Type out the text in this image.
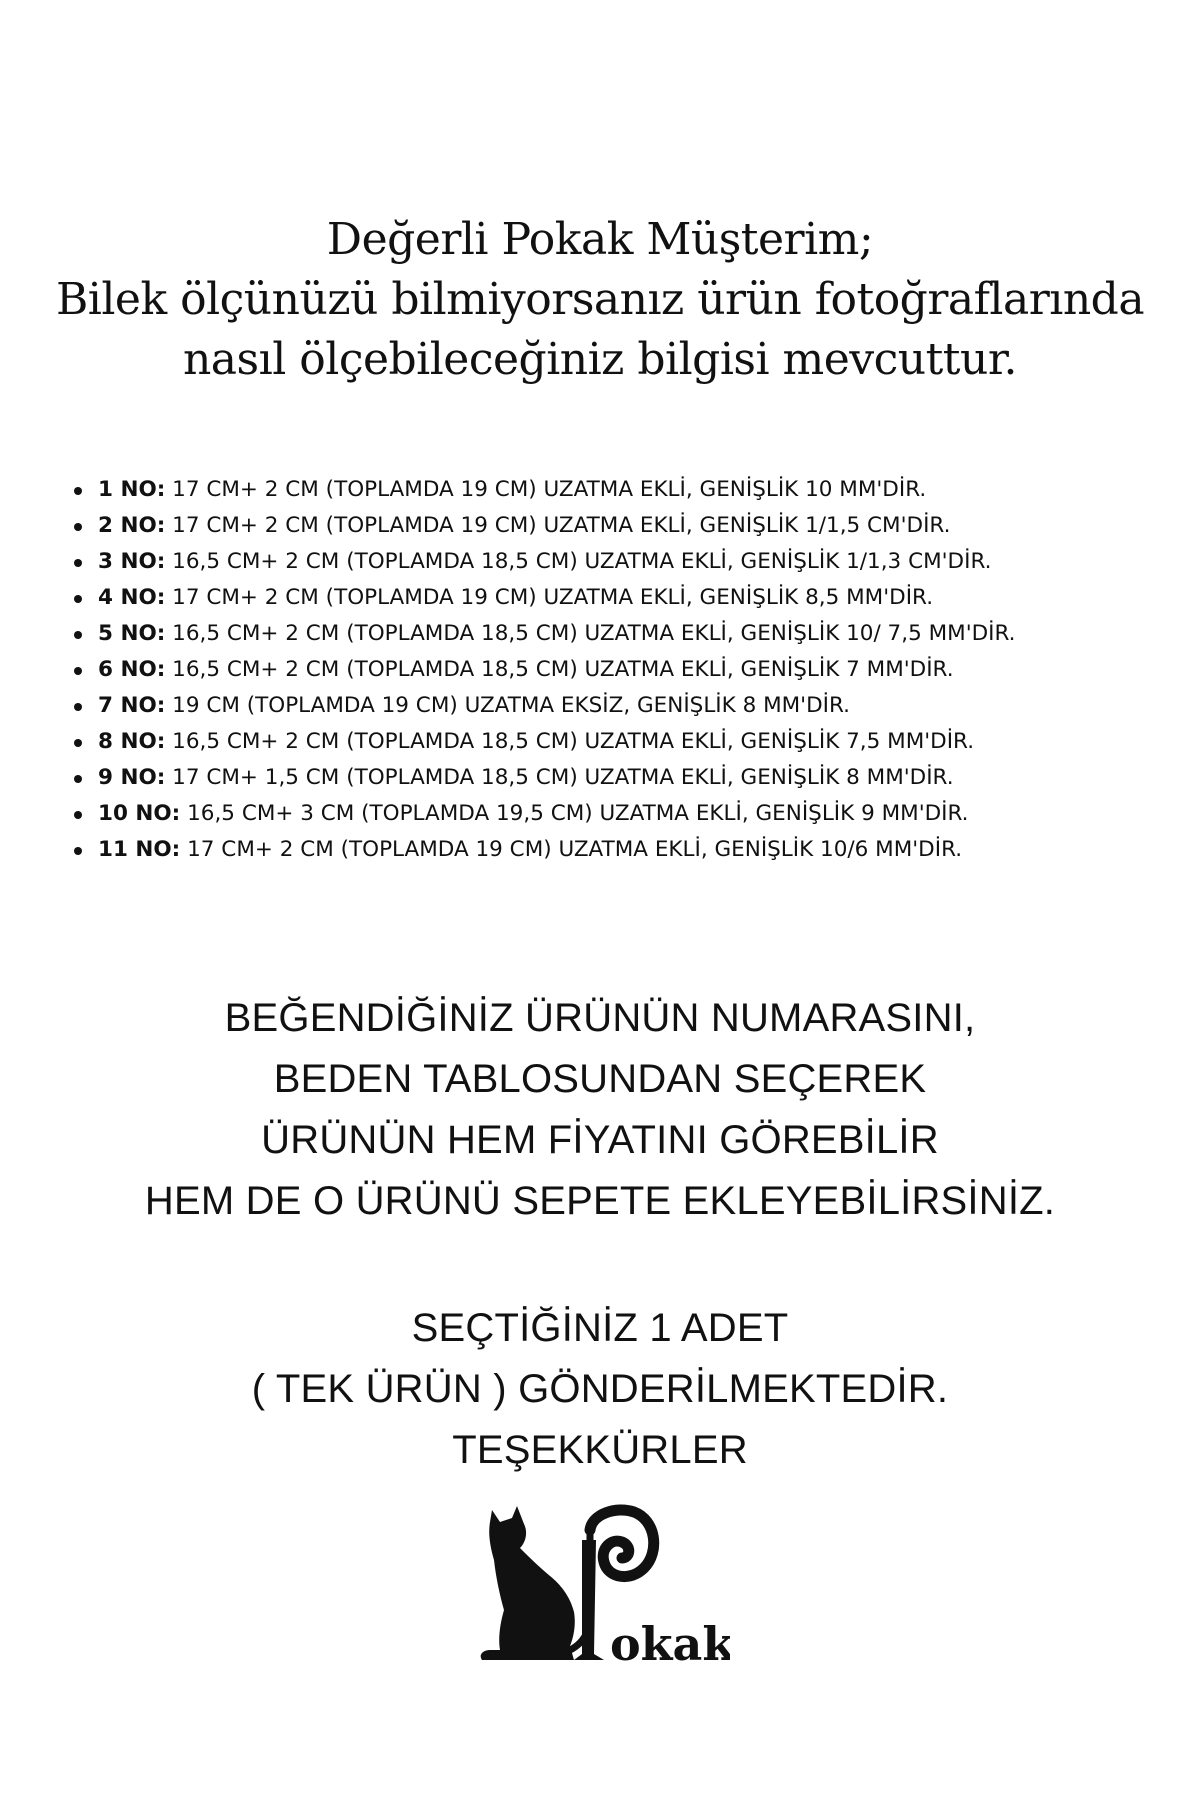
Değerli Pokak Müşterim;
Bilek ölçünüzü bilmiyorsanız ürün fotoğraflarında
nasıl ölçebileceğiniz bilgisi mevcuttur.
1 NO: 17 CM+ 2 CM (TOPLAMDA 19 CM) UZATMA EKLİ, GENİŞLİK 10 MM'DİR.
2 NO: 17 CM+ 2 CM (TOPLAMDA 19 CM) UZATMA EKLİ, GENİŞLİK 1/1,5 CM'DİR.
3 NO: 16,5 CM+ 2 CM (TOPLAMDA 18,5 CM) UZATMA EKLİ, GENİŞLİK 1/1,3 CM'DİR.
4 NO: 17 CM+ 2 CM (TOPLAMDA 19 CM) UZATMA EKLİ, GENİŞLİK 8,5 MM'DİR.
5 NO: 16,5 CM+ 2 CM (TOPLAMDA 18,5 CM) UZATMA EKLİ, GENİŞLİK 10/ 7,5 MM'DİR.
6 NO: 16,5 CM+ 2 CM (TOPLAMDA 18,5 CM) UZATMA EKLİ, GENİŞLİK 7 MM'DİR.
7 NO: 19 CM (TOPLAMDA 19 CM) UZATMA EKSİZ, GENİŞLİK 8 MM'DİR.
8 NO: 16,5 CM+ 2 CM (TOPLAMDA 18,5 CM) UZATMA EKLİ, GENİŞLİK 7,5 MM'DİR.
9 NO: 17 CM+ 1,5 CM (TOPLAMDA 18,5 CM) UZATMA EKLİ, GENİŞLİK 8 MM'DİR.
10 NO: 16,5 CM+ 3 CM (TOPLAMDA 19,5 CM) UZATMA EKLİ, GENİŞLİK 9 MM'DİR.
11 NO: 17 CM+ 2 CM (TOPLAMDA 19 CM) UZATMA EKLİ, GENİŞLİK 10/6 MM'DİR.
BEĞENDİĞİNİZ ÜRÜNÜN NUMARASINI,
BEDEN TABLOSUNDAN SEÇEREK
ÜRÜNÜN HEM FİYATINI GÖREBİLİR
HEM DE O ÜRÜNÜ SEPETE EKLEYEBİLİRSİNİZ.
SEÇTİĞİNİZ 1 ADET
( TEK ÜRÜN ) GÖNDERİLMEKTEDİR.
TEŞEKKÜRLER
okak
